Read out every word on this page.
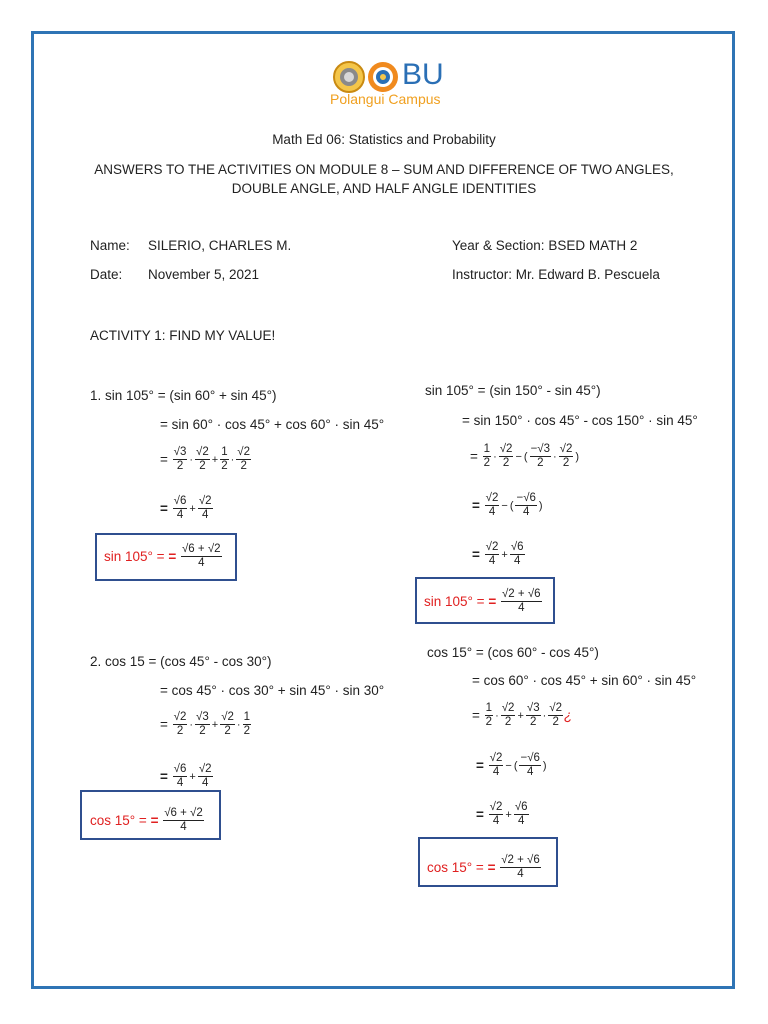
BU
Polangui Campus
Math Ed 06: Statistics and Probability
ANSWERS TO THE ACTIVITIES ON MODULE 8 – SUM AND DIFFERENCE OF TWO ANGLES,
DOUBLE ANGLE, AND HALF ANGLE IDENTITIES
Name: SILERIO, CHARLES M.
Date: November 5, 2021
Year & Section: BSED MATH 2
Instructor: Mr. Edward B. Pescuela
ACTIVITY 1: FIND MY VALUE!
1. sin 105° = (sin 60° + sin 45°)
= sin 60° · cos 45° + cos 60° · sin 45°
= $\frac{√3}{2} \cdot \frac{√2}{2} + \frac{1}{2} \cdot \frac{√2}{2}$
= $\frac{√6}{4} + \frac{√2}{4}$
sin 105° = = $\frac{√6 + √2}{4}$
sin 105° = (sin 150° - sin 45°)
= sin 150° · cos 45° - cos 150° · sin 45°
= $\frac{1}{2} \cdot \frac{√2}{2}$ − ( $\frac{-√3}{2} \cdot \frac{√2}{2}$ )
= $\frac{√2}{4}$ − ( $\frac{-√6}{4}$ )
= $\frac{√2}{4} + \frac{√6}{4}$
sin 105° = = $\frac{√2 + √6}{4}$
2. cos 15 = (cos 45° - cos 30°)
= cos 45° · cos 30° + sin 45° · sin 30°
= $\frac{√2}{2} \cdot \frac{√3}{2} + \frac{√2}{2} \cdot \frac{1}{2}$
= $\frac{√6}{4} + \frac{√2}{4}$
cos 15° = = $\frac{√6 + √2}{4}$
cos 15° = (cos 60° - cos 45°)
= cos 60° · cos 45° + sin 60° · sin 45°
= $\frac{1}{2} \cdot \frac{√2}{2} + \frac{√3}{2} \cdot \frac{√2}{2}$ ¿
= $\frac{√2}{4}$ − ( $\frac{-√6}{4}$ )
= $\frac{√2}{4} + \frac{√6}{4}$
cos 15° = = $\frac{√2 + √6}{4}$
